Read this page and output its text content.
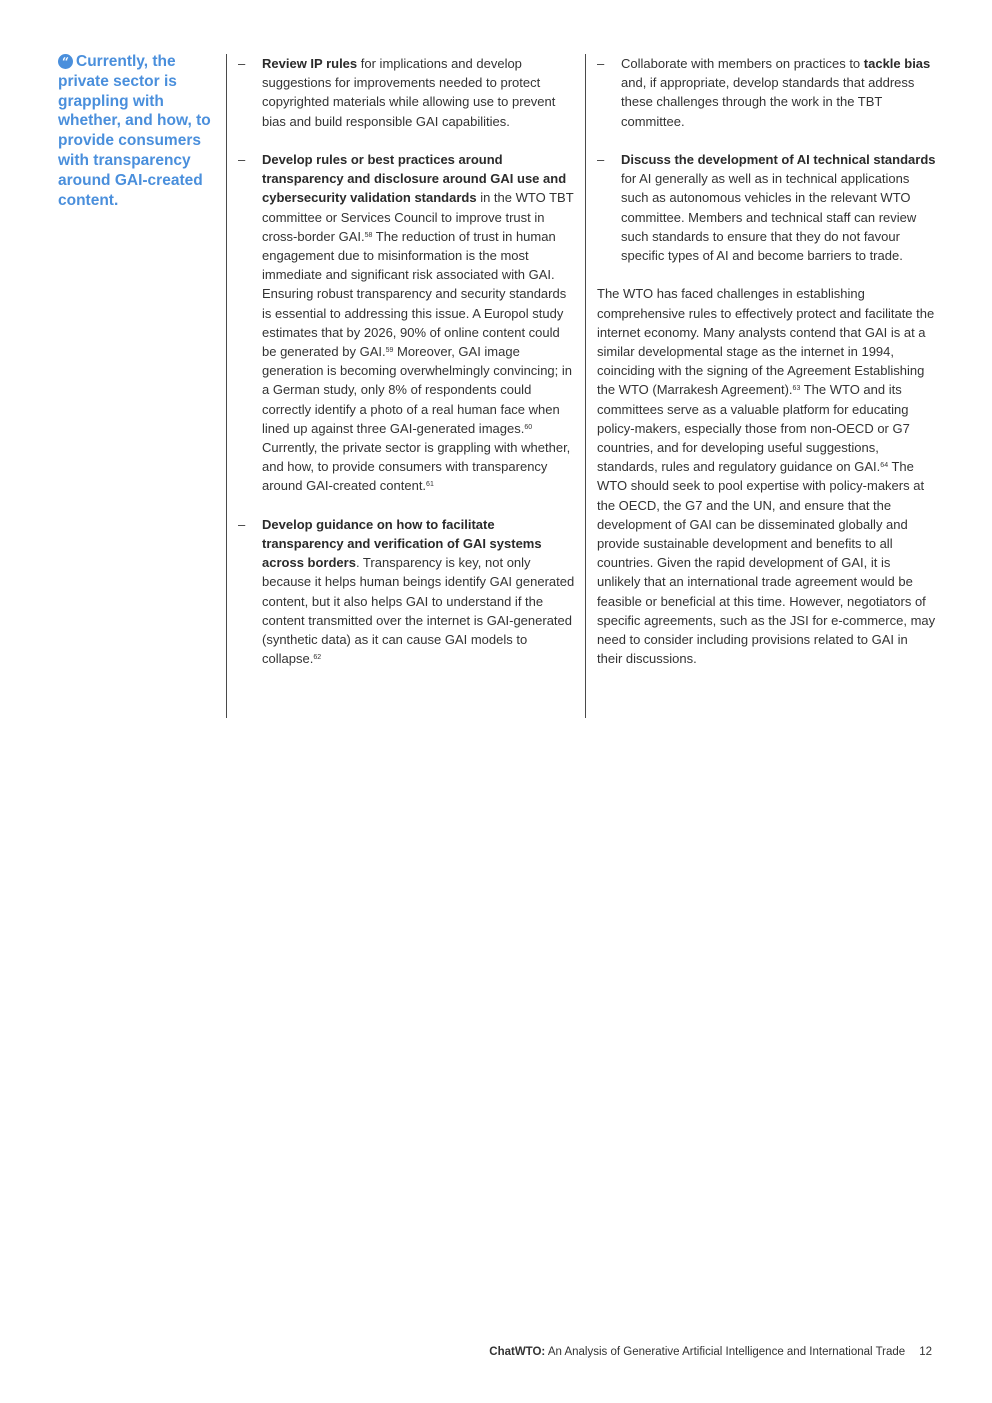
“ Currently, the private sector is grappling with whether, and how, to provide consumers with transparency around GAI-created content.
– Review IP rules for implications and develop suggestions for improvements needed to protect copyrighted materials while allowing use to prevent bias and build responsible GAI capabilities.

– Develop rules or best practices around transparency and disclosure around GAI use and cybersecurity validation standards in the WTO TBT committee or Services Council to improve trust in cross-border GAI.$^{58}$ The reduction of trust in human engagement due to misinformation is the most immediate and significant risk associated with GAI. Ensuring robust transparency and security standards is essential to addressing this issue. A Europol study estimates that by 2026, 90% of online content could be generated by GAI.$^{59}$ Moreover, GAI image generation is becoming overwhelmingly convincing; in a German study, only 8% of respondents could correctly identify a photo of a real human face when lined up against three GAI-generated images.$^{60}$ Currently, the private sector is grappling with whether, and how, to provide consumers with transparency around GAI-created content.$^{61}$

– Develop guidance on how to facilitate transparency and verification of GAI systems across borders. Transparency is key, not only because it helps human beings identify GAI generated content, but it also helps GAI to understand if the content transmitted over the internet is GAI-generated (synthetic data) as it can cause GAI models to collapse.$^{62}$

– Collaborate with members on practices to tackle bias and, if appropriate, develop standards that address these challenges through the work in the TBT committee.

– Discuss the development of AI technical standards for AI generally as well as in technical applications such as autonomous vehicles in the relevant WTO committee. Members and technical staff can review such standards to ensure that they do not favour specific types of AI and become barriers to trade.

The WTO has faced challenges in establishing comprehensive rules to effectively protect and facilitate the internet economy. Many analysts contend that GAI is at a similar developmental stage as the internet in 1994, coinciding with the signing of the Agreement Establishing the WTO (Marrakesh Agreement).$^{63}$ The WTO and its committees serve as a valuable platform for educating policy-makers, especially those from non-OECD or G7 countries, and for developing useful suggestions, standards, rules and regulatory guidance on GAI.$^{64}$ The WTO should seek to pool expertise with policy-makers at the OECD, the G7 and the UN, and ensure that the development of GAI can be disseminated globally and provide sustainable development and benefits to all countries. Given the rapid development of GAI, it is unlikely that an international trade agreement would be feasible or beneficial at this time. However, negotiators of specific agreements, such as the JSI for e-commerce, may need to consider including provisions related to GAI in their discussions.

ChatWTO: An Analysis of Generative Artificial Intelligence and International Trade 12
